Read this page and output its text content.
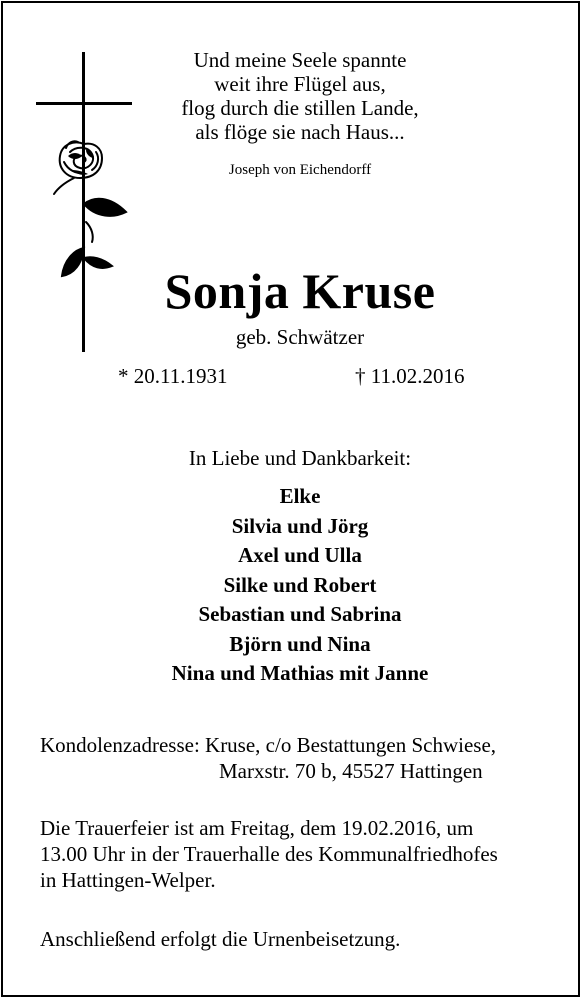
Und meine Seele spannte
weit ihre Flügel aus,
flog durch die stillen Lande,
als flöge sie nach Haus...
Joseph von Eichendorff
Sonja Kruse
geb. Schwätzer
* 20.11.1931	† 11.02.2016
In Liebe und Dankbarkeit:
Elke
Silvia und Jörg
Axel und Ulla
Silke und Robert
Sebastian und Sabrina
Björn und Nina
Nina und Mathias mit Janne
Kondolenzadresse: Kruse, c/o Bestattungen Schwiese,
Marxstr. 70 b, 45527 Hattingen
Die Trauerfeier ist am Freitag, dem 19.02.2016, um
13.00 Uhr in der Trauerhalle des Kommunalfriedhofes
in Hattingen-Welper.
Anschließend erfolgt die Urnenbeisetzung.
